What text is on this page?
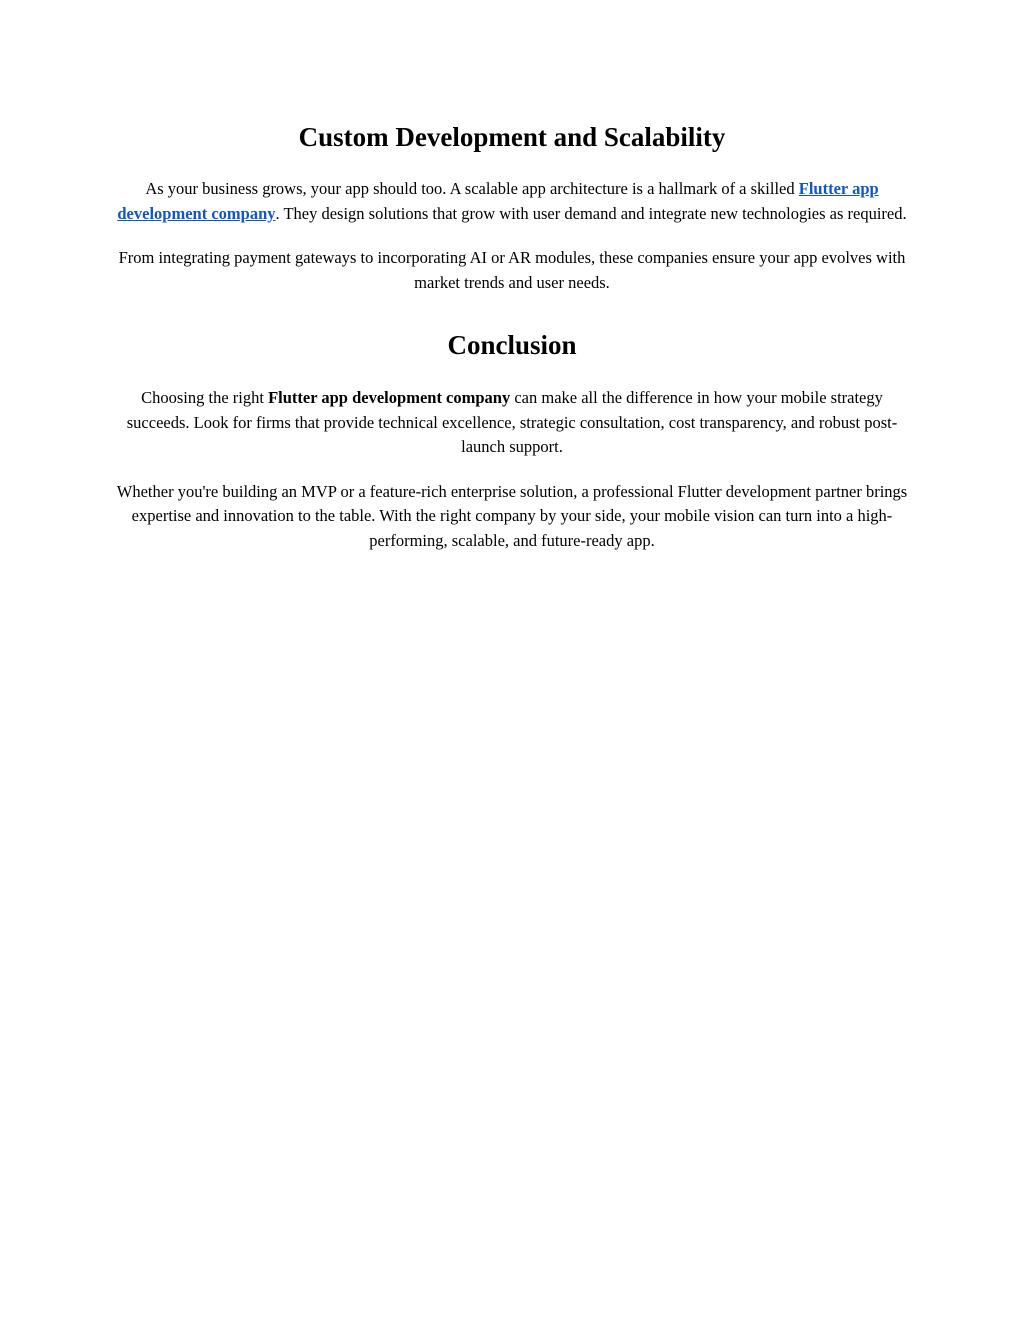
Custom Development and Scalability

As your business grows, your app should too. A scalable app architecture is a hallmark of a skilled Flutter app development company. They design solutions that grow with user demand and integrate new technologies as required.

From integrating payment gateways to incorporating AI or AR modules, these companies ensure your app evolves with market trends and user needs.

Conclusion

Choosing the right Flutter app development company can make all the difference in how your mobile strategy succeeds. Look for firms that provide technical excellence, strategic consultation, cost transparency, and robust post-launch support.

Whether you're building an MVP or a feature-rich enterprise solution, a professional Flutter development partner brings expertise and innovation to the table. With the right company by your side, your mobile vision can turn into a high-performing, scalable, and future-ready app.
